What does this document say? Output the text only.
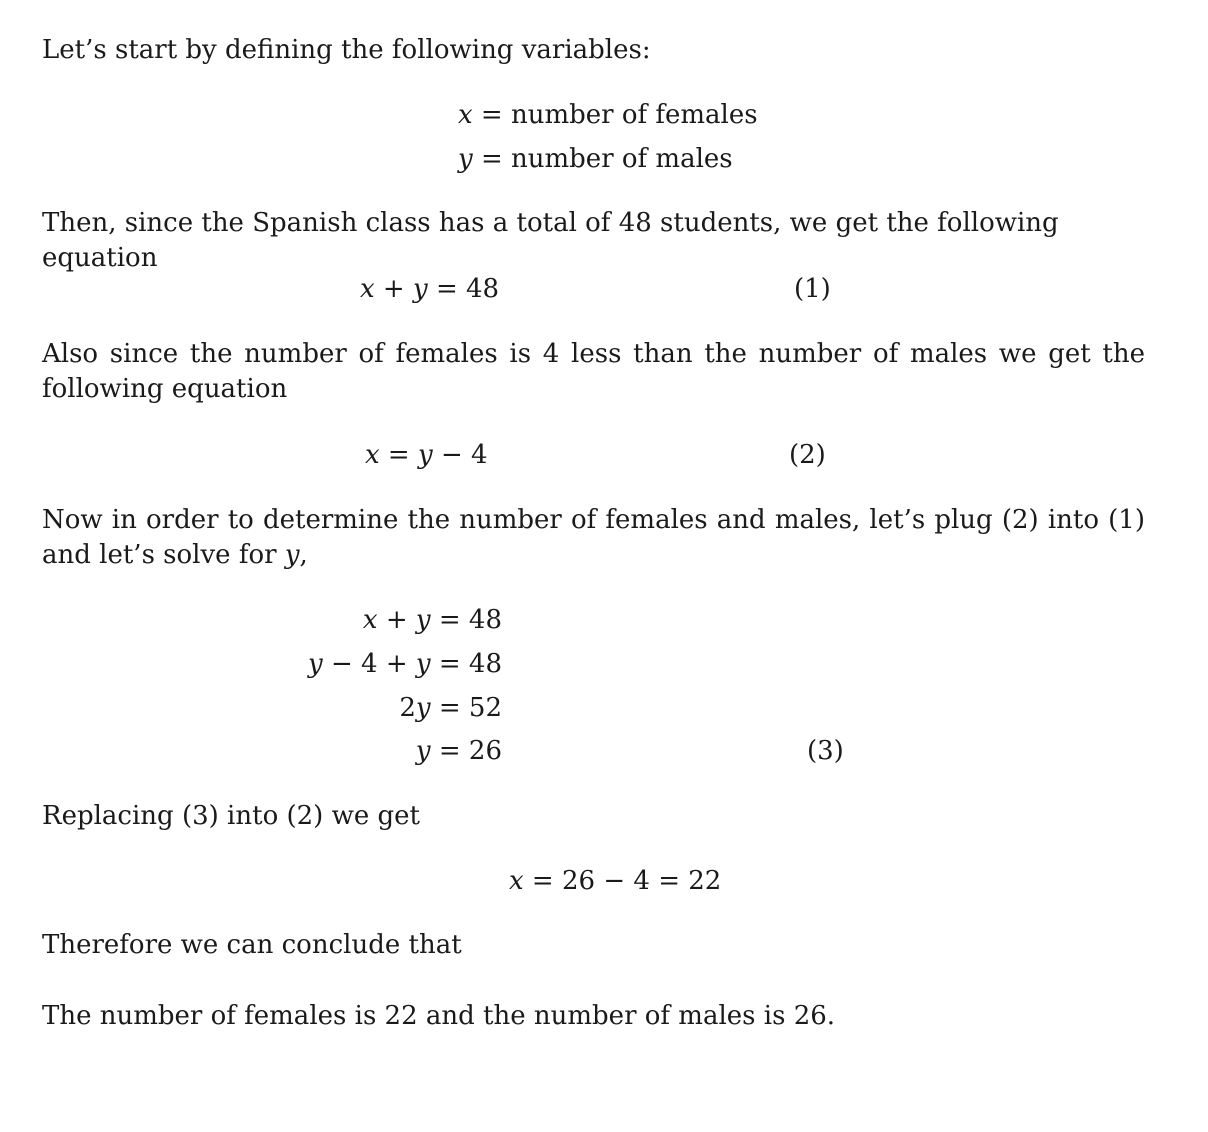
Let’s start by defining the following variables:

x = number of females
y = number of males

Then, since the Spanish class has a total of 48 students, we get the following equation

x + y = 48	(1)

Also since the number of females is 4 less than the number of males we get the following equation

x = y − 4	(2)

Now in order to determine the number of females and males, let’s plug (2) into (1) and let’s solve for y,

x + y = 48
y − 4 + y = 48
2y = 52
y = 26	(3)

Replacing (3) into (2) we get

x = 26 − 4 = 22

Therefore we can conclude that

The number of females is 22 and the number of males is 26.
